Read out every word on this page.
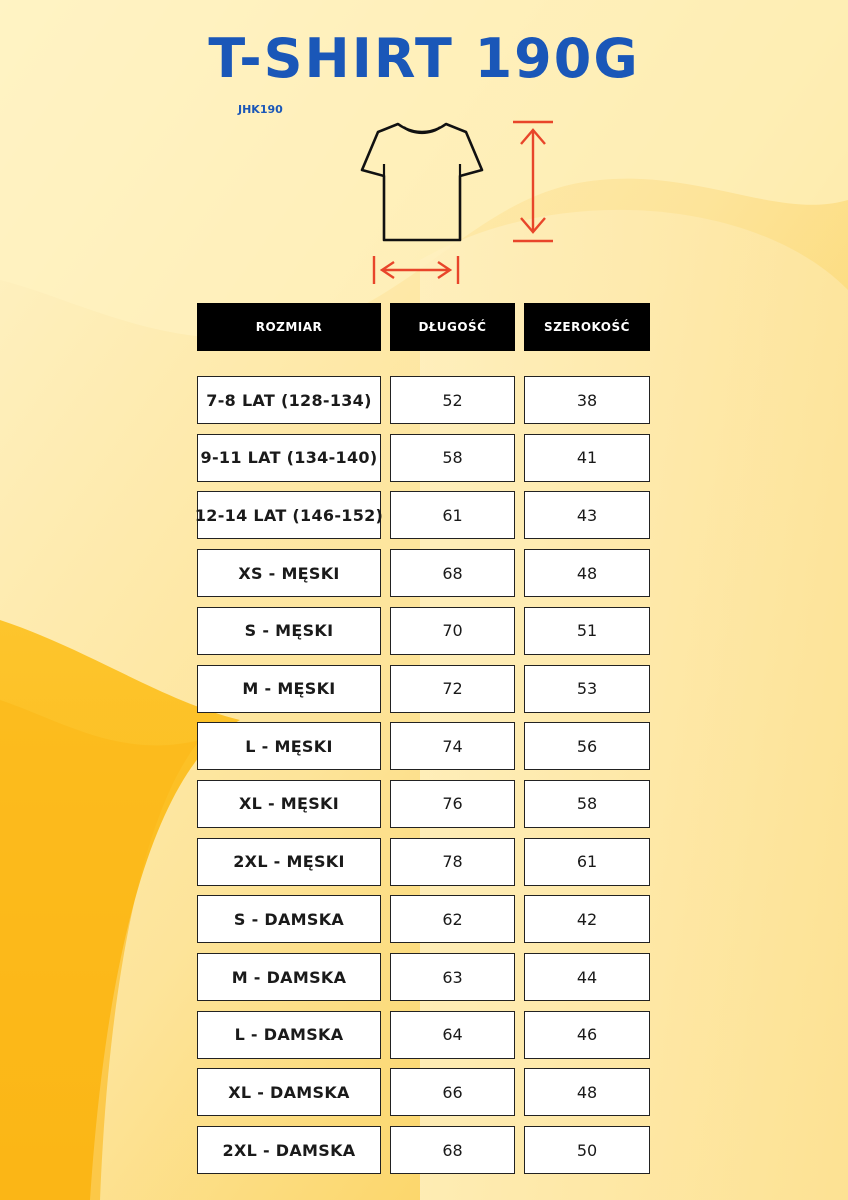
T-SHIRT 190G
JHK190
ROZMIAR	DŁUGOŚĆ	SZEROKOŚĆ
7-8 LAT (128-134)	52	38
9-11 LAT (134-140)	58	41
12-14 LAT (146-152)	61	43
XS - MĘSKI	68	48
S - MĘSKI	70	51
M - MĘSKI	72	53
L - MĘSKI	74	56
XL - MĘSKI	76	58
2XL - MĘSKI	78	61
S - DAMSKA	62	42
M - DAMSKA	63	44
L - DAMSKA	64	46
XL - DAMSKA	66	48
2XL - DAMSKA	68	50
